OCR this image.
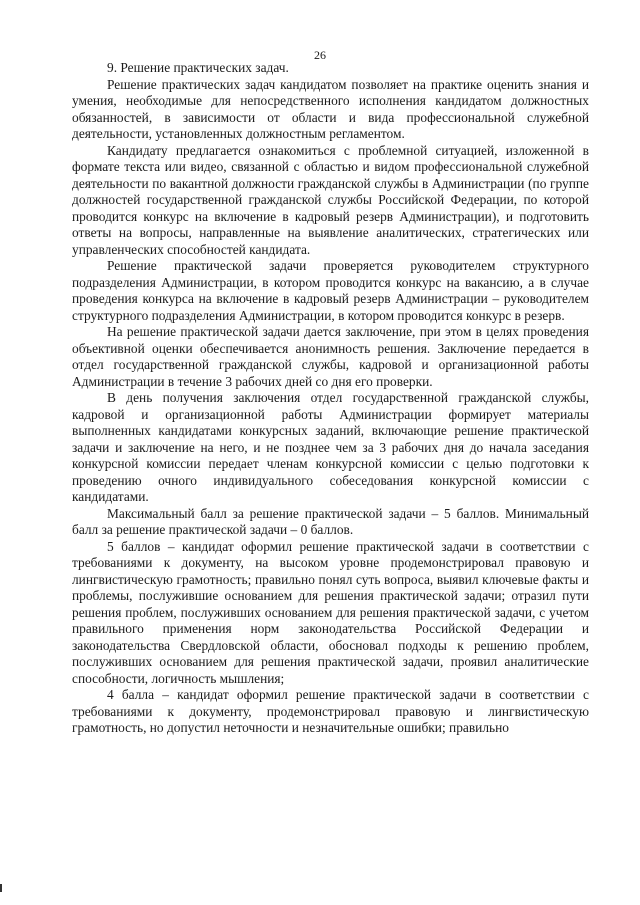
26

9. Решение практических задач.

Решение практических задач кандидатом позволяет на практике оценить знания и умения, необходимые для непосредственного исполнения кандидатом должностных обязанностей, в зависимости от области и вида профессиональной служебной деятельности, установленных должностным регламентом.

Кандидату предлагается ознакомиться с проблемной ситуацией, изложенной в формате текста или видео, связанной с областью и видом профессиональной служебной деятельности по вакантной должности гражданской службы в Администрации (по группе должностей государственной гражданской службы Российской Федерации, по которой проводится конкурс на включение в кадровый резерв Администрации), и подготовить ответы на вопросы, направленные на выявление аналитических, стратегических или управленческих способностей кандидата.

Решение практической задачи проверяется руководителем структурного подразделения Администрации, в котором проводится конкурс на вакансию, а в случае проведения конкурса на включение в кадровый резерв Администрации – руководителем структурного подразделения Администрации, в котором проводится конкурс в резерв.

На решение практической задачи дается заключение, при этом в целях проведения объективной оценки обеспечивается анонимность решения. Заключение передается в отдел государственной гражданской службы, кадровой и организационной работы Администрации в течение 3 рабочих дней со дня его проверки.

В день получения заключения отдел государственной гражданской службы, кадровой и организационной работы Администрации формирует материалы выполненных кандидатами конкурсных заданий, включающие решение практической задачи и заключение на него, и не позднее чем за 3 рабочих дня до начала заседания конкурсной комиссии передает членам конкурсной комиссии с целью подготовки к проведению очного индивидуального собеседования конкурсной комиссии с кандидатами.

Максимальный балл за решение практической задачи – 5 баллов. Минимальный балл за решение практической задачи – 0 баллов.

5 баллов – кандидат оформил решение практической задачи в соответствии с требованиями к документу, на высоком уровне продемонстрировал правовую и лингвистическую грамотность; правильно понял суть вопроса, выявил ключевые факты и проблемы, послужившие основанием для решения практической задачи; отразил пути решения проблем, послуживших основанием для решения практической задачи, с учетом правильного применения норм законодательства Российской Федерации и законодательства Свердловской области, обосновал подходы к решению проблем, послуживших основанием для решения практической задачи, проявил аналитические способности, логичность мышления;

4 балла – кандидат оформил решение практической задачи в соответствии с требованиями к документу, продемонстрировал правовую и лингвистическую грамотность, но допустил неточности и незначительные ошибки; правильно
